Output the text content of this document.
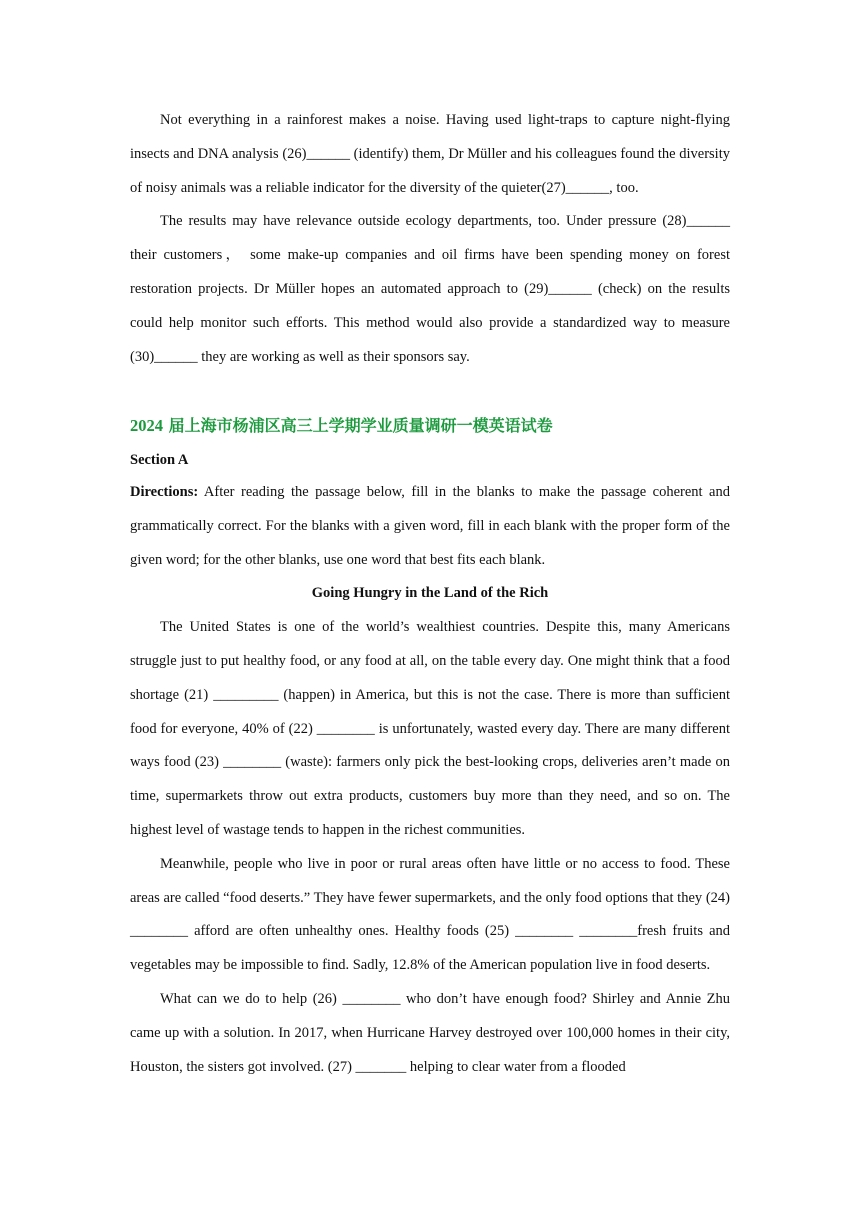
Not everything in a rainforest makes a noise. Having used light-traps to capture night-flying insects and DNA analysis (26)______ (identify) them, Dr Müller and his colleagues found the diversity of noisy animals was a reliable indicator for the diversity of the quieter(27)______, too.

The results may have relevance outside ecology departments, too. Under pressure (28)______ their customers， some make-up companies and oil firms have been spending money on forest restoration projects. Dr Müller hopes an automated approach to (29)______ (check) on the results could help monitor such efforts. This method would also provide a standardized way to measure (30)______ they are working as well as their sponsors say.

2024 届上海市杨浦区高三上学期学业质量调研一模英语试卷
Section A

Directions: After reading the passage below, fill in the blanks to make the passage coherent and grammatically correct. For the blanks with a given word, fill in each blank with the proper form of the given word; for the other blanks, use one word that best fits each blank.

Going Hungry in the Land of the Rich

The United States is one of the world’s wealthiest countries. Despite this, many Americans struggle just to put healthy food, or any food at all, on the table every day. One might think that a food shortage (21) _________ (happen) in America, but this is not the case. There is more than sufficient food for everyone, 40% of (22) ________ is unfortunately, wasted every day. There are many different ways food (23) ________ (waste): farmers only pick the best-looking crops, deliveries aren’t made on time, supermarkets throw out extra products, customers buy more than they need, and so on. The highest level of wastage tends to happen in the richest communities.

Meanwhile, people who live in poor or rural areas often have little or no access to food. These areas are called “food deserts.” They have fewer supermarkets, and the only food options that they (24) ________ afford are often unhealthy ones. Healthy foods (25) ________ ________fresh fruits and vegetables may be impossible to find. Sadly, 12.8% of the American population live in food deserts.

What can we do to help (26) ________ who don’t have enough food? Shirley and Annie Zhu came up with a solution. In 2017, when Hurricane Harvey destroyed over 100,000 homes in their city, Houston, the sisters got involved. (27) _______ helping to clear water from a flooded
